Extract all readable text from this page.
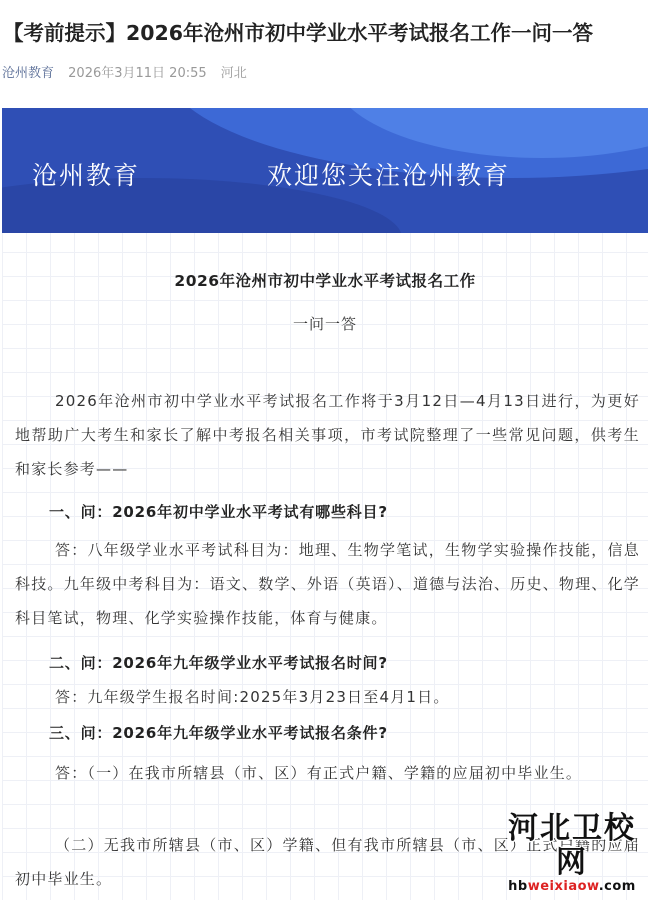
【考前提示】2026年沧州市初中学业水平考试报名工作一问一答
沧州教育 2026年3月11日 20:55 河北
沧州教育	欢迎您关注沧州教育
2026年沧州市初中学业水平考试报名工作
一问一答
2026年沧州市初中学业水平考试报名工作将于3月12日—4月13日进行，为更好地帮助广大考生和家长了解中考报名相关事项，市考试院整理了一些常见问题，供考生和家长参考——
一、问：2026年初中学业水平考试有哪些科目?
答：八年级学业水平考试科目为：地理、生物学笔试，生物学实验操作技能，信息科技。九年级中考科目为：语文、数学、外语（英语）、道德与法治、历史、物理、化学科目笔试，物理、化学实验操作技能，体育与健康。
二、问：2026年九年级学业水平考试报名时间?
答：九年级学生报名时间:2025年3月23日至4月1日。
三、问：2026年九年级学业水平考试报名条件?
答：（一）在我市所辖县（市、区）有正式户籍、学籍的应届初中毕业生。
（二）无我市所辖县（市、区）学籍、但有我市所辖县（市、区）正式户籍的应届初中毕业生。
河北卫校网
hbweixiaow.com
